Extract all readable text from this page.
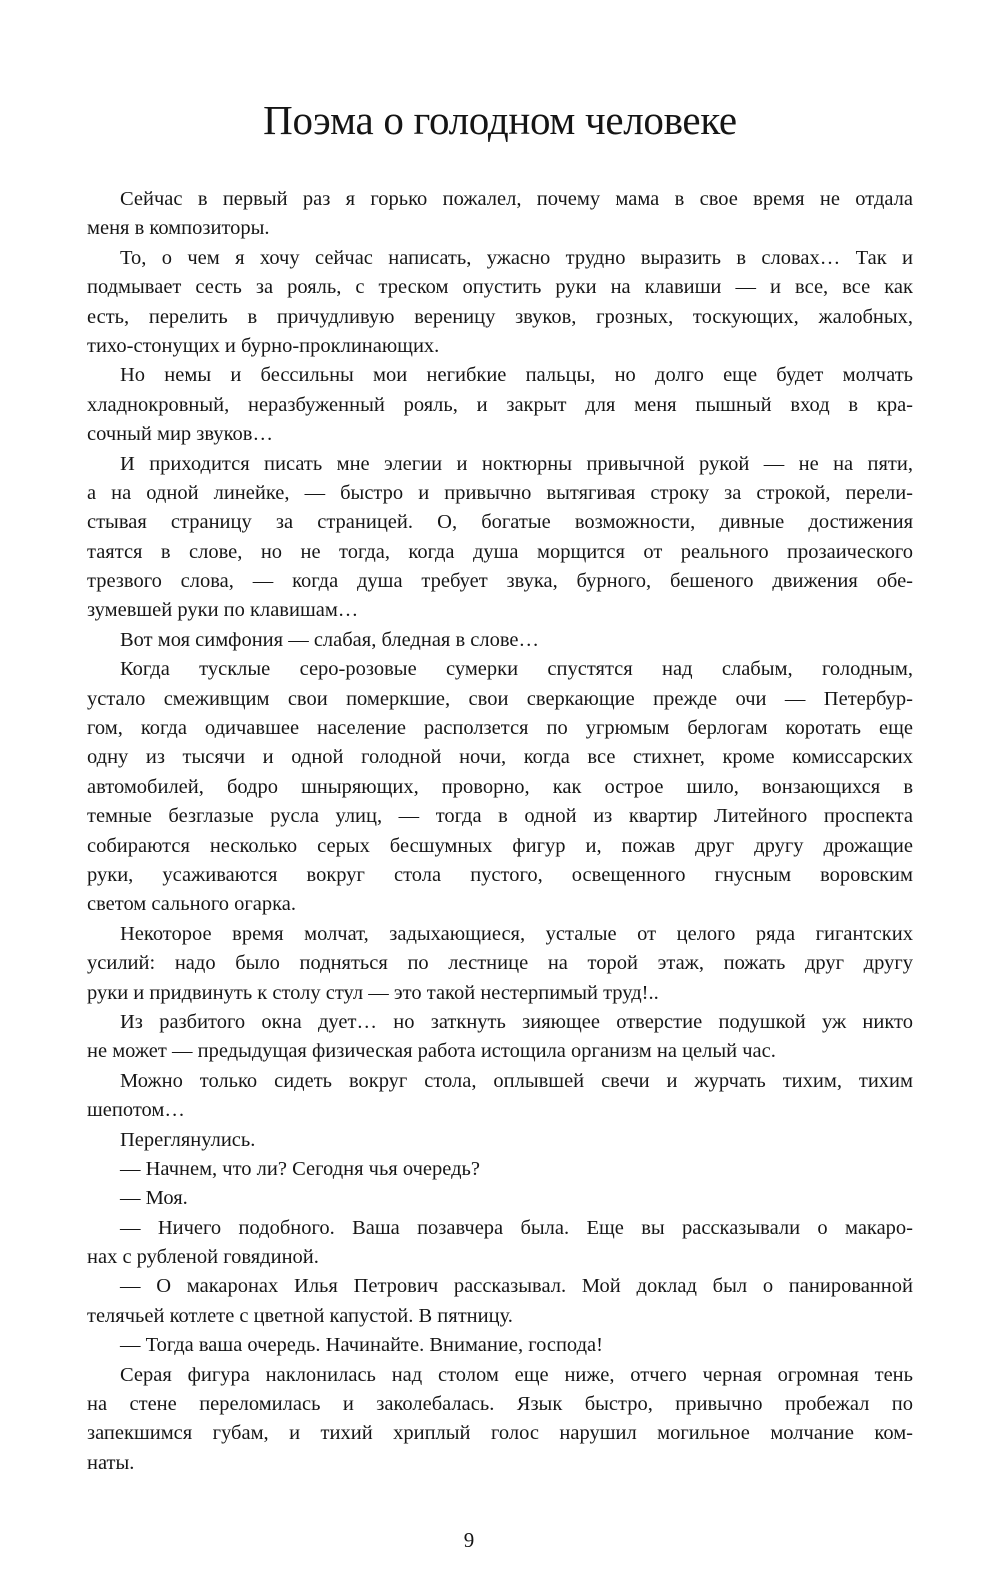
Поэма о голодном человеке
Сейчас в первый раз я горько пожалел, почему мама в свое время не отдала
меня в композиторы.
То, о чем я хочу сейчас написать, ужасно трудно выразить в словах… Так и
подмывает сесть за рояль, с треском опустить руки на клавиши — и все, все как
есть, перелить в причудливую вереницу звуков, грозных, тоскующих, жалобных,
тихо-стонущих и бурно-проклинающих.
Но немы и бессильны мои негибкие пальцы, но долго еще будет молчать
хладнокровный, неразбуженный рояль, и закрыт для меня пышный вход в кра-
сочный мир звуков…
И приходится писать мне элегии и ноктюрны привычной рукой — не на пяти,
а на одной линейке, — быстро и привычно вытягивая строку за строкой, перели-
стывая страницу за страницей. О, богатые возможности, дивные достижения
таятся в слове, но не тогда, когда душа морщится от реального прозаического
трезвого слова, — когда душа требует звука, бурного, бешеного движения обе-
зумевшей руки по клавишам…
Вот моя симфония — слабая, бледная в слове…
Когда тусклые серо-розовые сумерки спустятся над слабым, голодным,
устало смеживщим свои померкшие, свои сверкающие прежде очи — Петербур-
гом, когда одичавшее население расползется по угрюмым берлогам коротать еще
одну из тысячи и одной голодной ночи, когда все стихнет, кроме комиссарских
автомобилей, бодро шныряющих, проворно, как острое шило, вонзающихся в
темные безглазые русла улиц, — тогда в одной из квартир Литейного проспекта
собираются несколько серых бесшумных фигур и, пожав друг другу дрожащие
руки, усаживаются вокруг стола пустого, освещенного гнусным воровским
светом сального огарка.
Некоторое время молчат, задыхающиеся, усталые от целого ряда гигантских
усилий: надо было подняться по лестнице на торой этаж, пожать друг другу
руки и придвинуть к столу стул — это такой нестерпимый труд!..
Из разбитого окна дует… но заткнуть зияющее отверстие подушкой уж никто
не может — предыдущая физическая работа истощила организм на целый час.
Можно только сидеть вокруг стола, оплывшей свечи и журчать тихим, тихим
шепотом…
Переглянулись.
— Начнем, что ли? Сегодня чья очередь?
— Моя.
— Ничего подобного. Ваша позавчера была. Еще вы рассказывали о макаро-
нах с рубленой говядиной.
— О макаронах Илья Петрович рассказывал. Мой доклад был о панированной
телячьей котлете с цветной капустой. В пятницу.
— Тогда ваша очередь. Начинайте. Внимание, господа!
Серая фигура наклонилась над столом еще ниже, отчего черная огромная тень
на стене переломилась и заколебалась. Язык быстро, привычно пробежал по
запекшимся губам, и тихий хриплый голос нарушил могильное молчание ком-
наты.
9
